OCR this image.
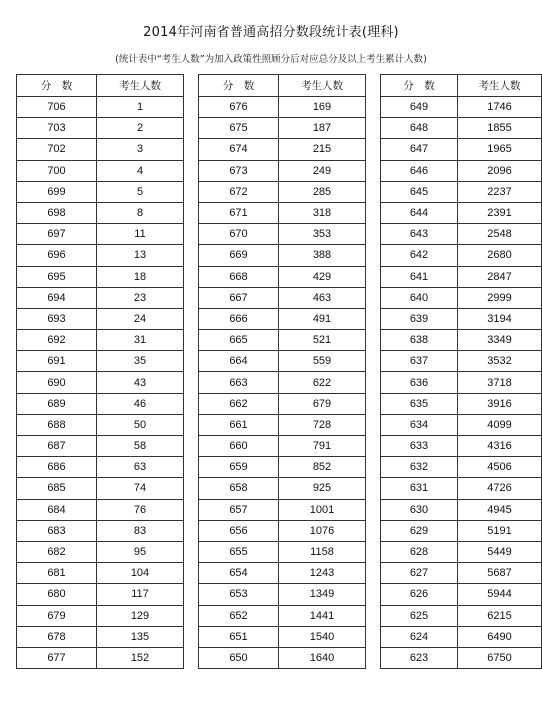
2014年河南省普通高招分数段统计表(理科)
(统计表中“考生人数”为加入政策性照顾分后对应总分及以上考生累计人数)
分　数	考生人数
706	1
703	2
702	3
700	4
699	5
698	8
697	11
696	13
695	18
694	23
693	24
692	31
691	35
690	43
689	46
688	50
687	58
686	63
685	74
684	76
683	83
682	95
681	104
680	117
679	129
678	135
677	152
分　数	考生人数
676	169
675	187
674	215
673	249
672	285
671	318
670	353
669	388
668	429
667	463
666	491
665	521
664	559
663	622
662	679
661	728
660	791
659	852
658	925
657	1001
656	1076
655	1158
654	1243
653	1349
652	1441
651	1540
650	1640
分　数	考生人数
649	1746
648	1855
647	1965
646	2096
645	2237
644	2391
643	2548
642	2680
641	2847
640	2999
639	3194
638	3349
637	3532
636	3718
635	3916
634	4099
633	4316
632	4506
631	4726
630	4945
629	5191
628	5449
627	5687
626	5944
625	6215
624	6490
623	6750
